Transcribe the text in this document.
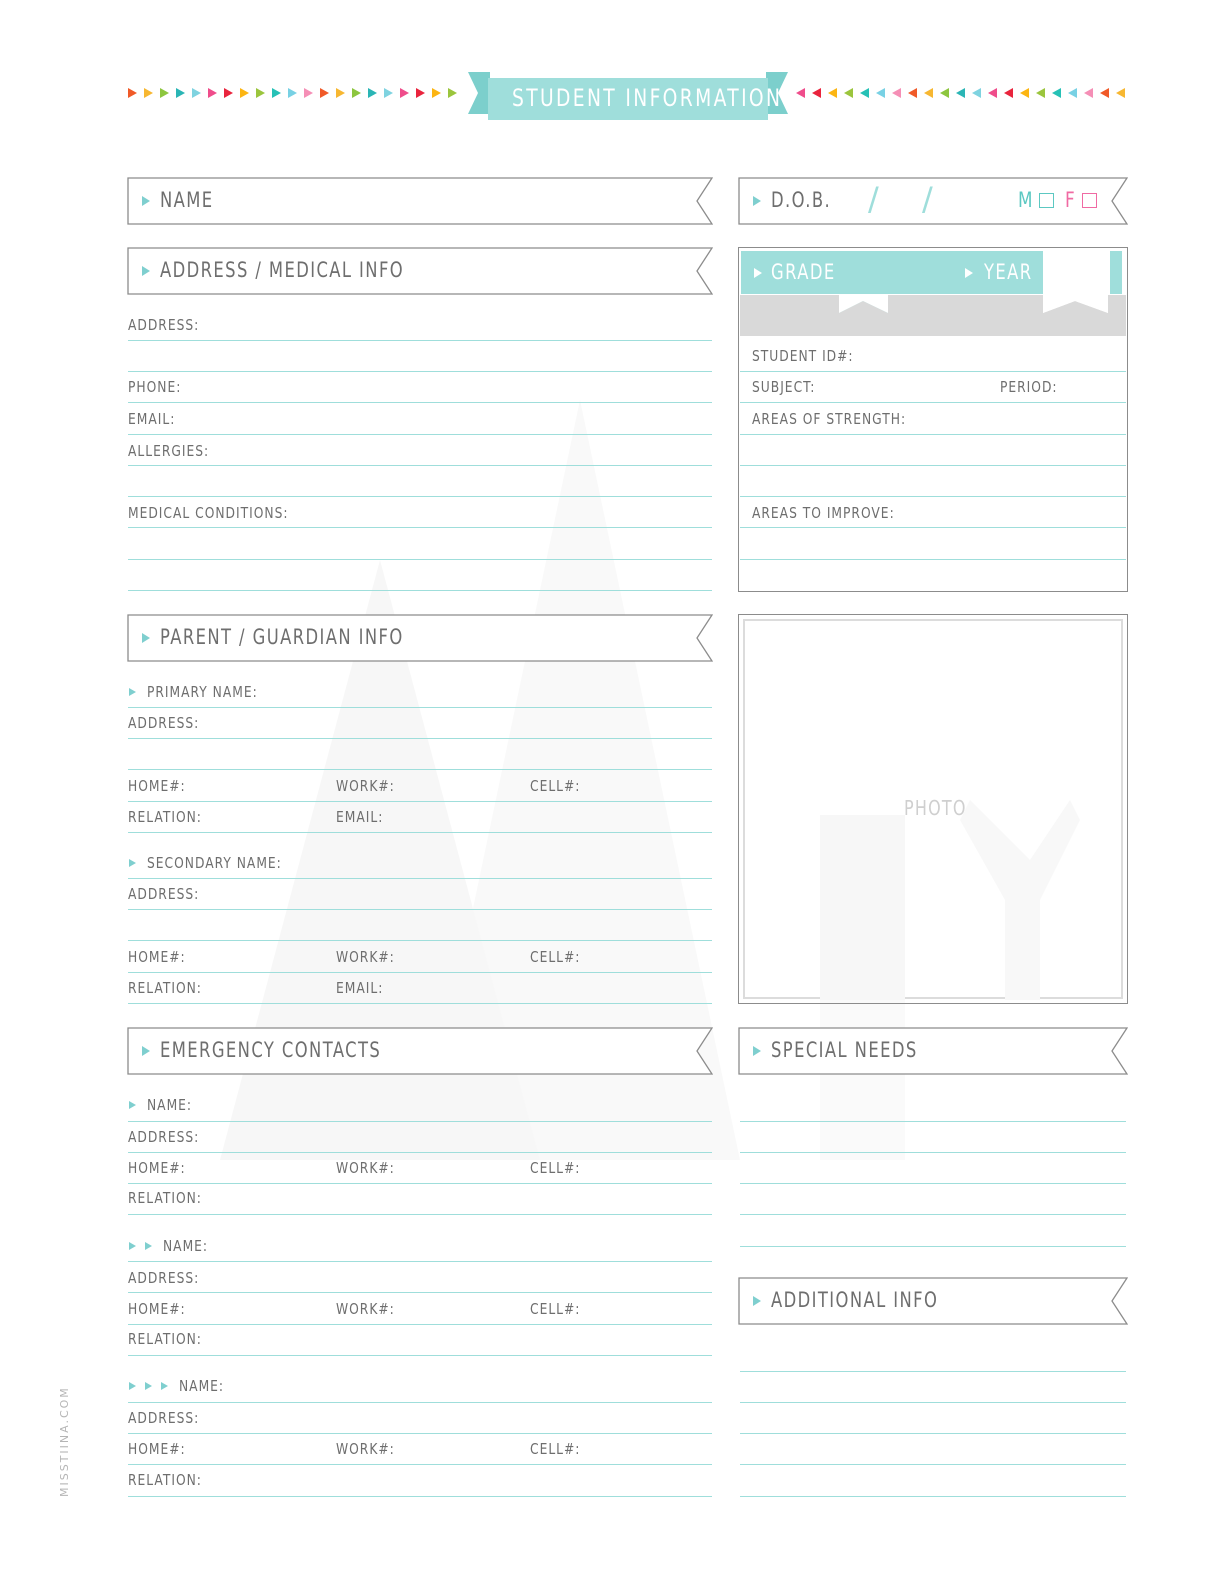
STUDENT INFORMATION
NAME	D.O.B. / /	M F
ADDRESS / MEDICAL INFO
ADDRESS:
PHONE:
EMAIL:
ALLERGIES:
MEDICAL CONDITIONS:
GRADE	YEAR
STUDENT ID#:
SUBJECT:	PERIOD:
AREAS OF STRENGTH:
AREAS TO IMPROVE:
PARENT / GUARDIAN INFO
PRIMARY NAME:
ADDRESS:
HOME#:	WORK#:	CELL#:
RELATION:	EMAIL:
SECONDARY NAME:
ADDRESS:
HOME#:	WORK#:	CELL#:
RELATION:	EMAIL:
PHOTO
EMERGENCY CONTACTS
NAME:
ADDRESS:
HOME#:	WORK#:	CELL#:
RELATION:
NAME:
ADDRESS:
HOME#:	WORK#:	CELL#:
RELATION:
NAME:
ADDRESS:
HOME#:	WORK#:	CELL#:
RELATION:
SPECIAL NEEDS
ADDITIONAL INFO
MISSTIINA.COM
